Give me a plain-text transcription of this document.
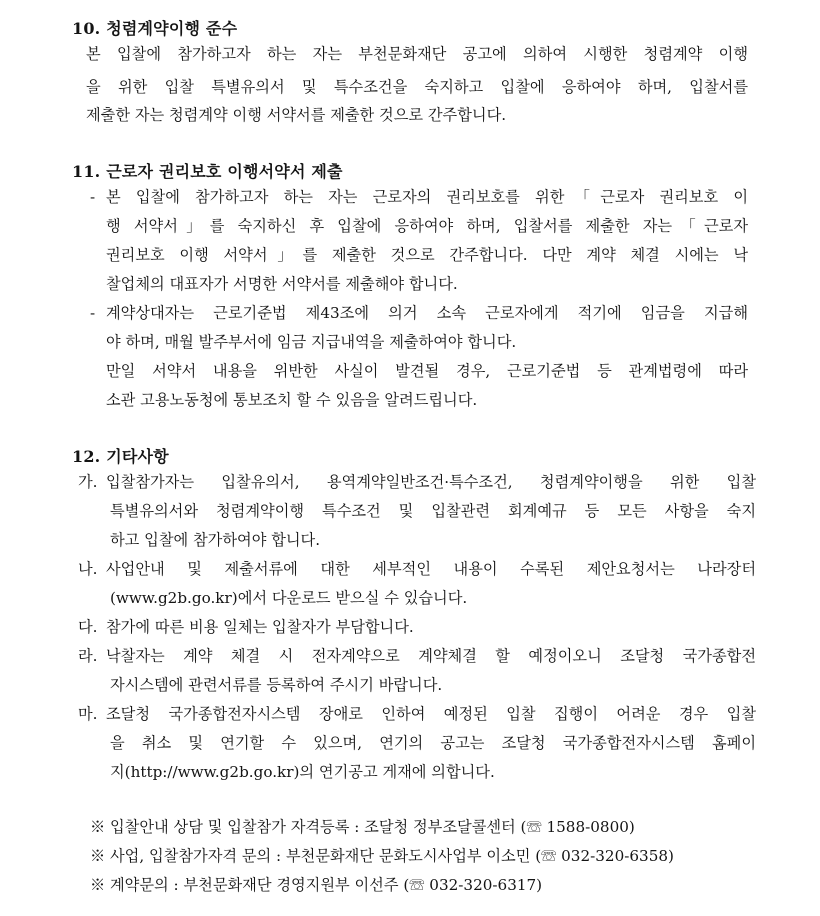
10. 청렴계약이행 준수
본 입찰에 참가하고자 하는 자는 부천문화재단 공고에 의하여 시행한 청렴계약 이행
을 위한 입찰 특별유의서 및 특수조건을 숙지하고 입찰에 응하여야 하며, 입찰서를
제출한 자는 청렴계약 이행 서약서를 제출한 것으로 간주합니다.
11. 근로자 권리보호 이행서약서 제출
- 본 입찰에 참가하고자 하는 자는 근로자의 권리보호를 위한「근로자 권리보호 이
행 서약서」를 숙지하신 후 입찰에 응하여야 하며, 입찰서를 제출한 자는「근로자
권리보호 이행 서약서」를 제출한 것으로 간주합니다. 다만 계약 체결 시에는 낙
찰업체의 대표자가 서명한 서약서를 제출해야 합니다.
- 계약상대자는 근로기준법 제43조에 의거 소속 근로자에게 적기에 임금을 지급해
야 하며, 매월 발주부서에 임금 지급내역을 제출하여야 합니다.
만일 서약서 내용을 위반한 사실이 발견될 경우, 근로기준법 등 관계법령에 따라
소관 고용노동청에 통보조치 할 수 있음을 알려드립니다.
12. 기타사항
가. 입찰참가자는 입찰유의서, 용역계약일반조건·특수조건, 청렴계약이행을 위한 입찰
특별유의서와 청렴계약이행 특수조건 및 입찰관련 회계예규 등 모든 사항을 숙지
하고 입찰에 참가하여야 합니다.
나. 사업안내 및 제출서류에 대한 세부적인 내용이 수록된 제안요청서는 나라장터
(www.g2b.go.kr)에서 다운로드 받으실 수 있습니다.
다. 참가에 따른 비용 일체는 입찰자가 부담합니다.
라. 낙찰자는 계약 체결 시 전자계약으로 계약체결 할 예정이오니 조달청 국가종합전
자시스템에 관련서류를 등록하여 주시기 바랍니다.
마. 조달청 국가종합전자시스템 장애로 인하여 예정된 입찰 집행이 어려운 경우 입찰
을 취소 및 연기할 수 있으며, 연기의 공고는 조달청 국가종합전자시스템 홈페이
지(http://www.g2b.go.kr)의 연기공고 게재에 의합니다.
※ 입찰안내 상담 및 입찰참가 자격등록 : 조달청 정부조달콜센터 (☏ 1588-0800)
※ 사업, 입찰참가자격 문의 : 부천문화재단 문화도시사업부 이소민 (☏ 032-320-6358)
※ 계약문의 : 부천문화재단 경영지원부 이선주 (☏ 032-320-6317)
